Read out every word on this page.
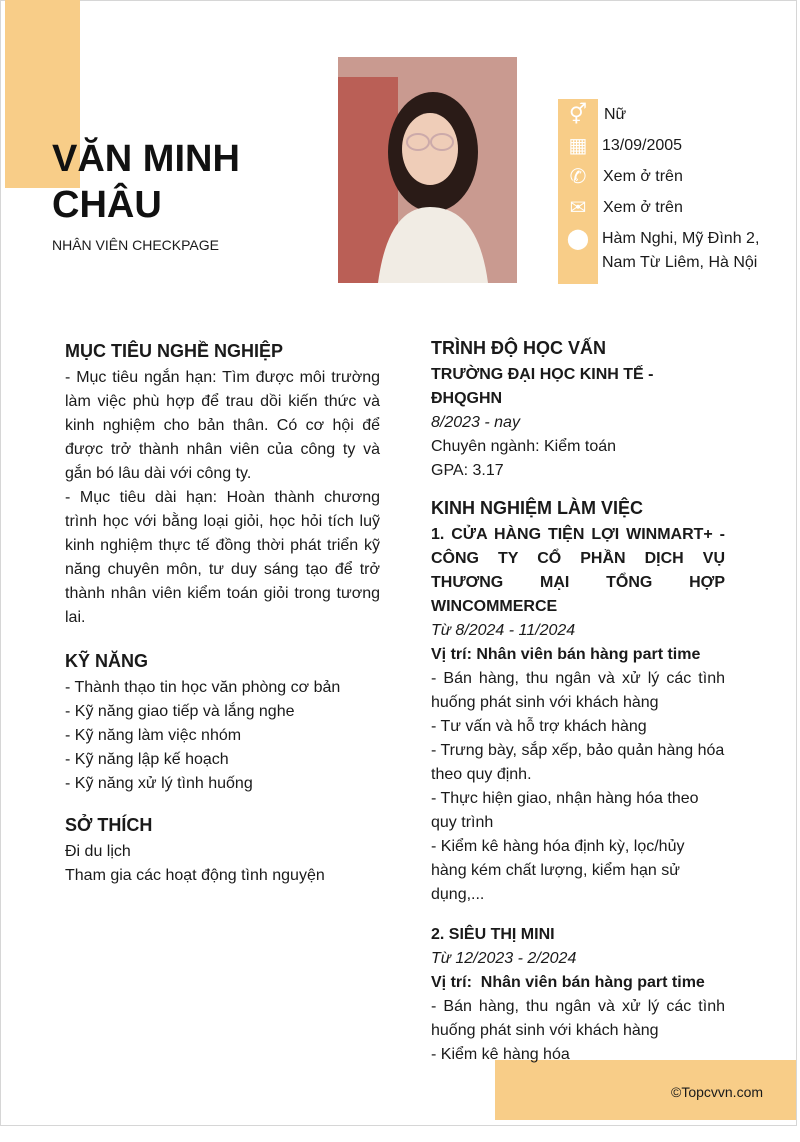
VĂN MINH
CHÂU
NHÂN VIÊN CHECKPAGE
⚥ Nữ
▦ 13/09/2005
✆ Xem ở trên
✉ Xem ở trên
⬤ Hàm Nghi, Mỹ Đình 2,
Nam Từ Liêm, Hà Nội
MỤC TIÊU NGHỀ NGHIỆP
- Mục tiêu ngắn hạn: Tìm được môi trường làm việc phù hợp để trau dồi kiến thức và kinh nghiệm cho bản thân. Có cơ hội để được trở thành nhân viên của công ty và gắn bó lâu dài với công ty.
- Mục tiêu dài hạn: Hoàn thành chương trình học với bằng loại giỏi, học hỏi tích luỹ kinh nghiệm thực tế đồng thời phát triển kỹ năng chuyên môn, tư duy sáng tạo để trở thành nhân viên kiểm toán giỏi trong tương lai.
KỸ NĂNG
- Thành thạo tin học văn phòng cơ bản
- Kỹ năng giao tiếp và lắng nghe
- Kỹ năng làm việc nhóm
- Kỹ năng lập kế hoạch
- Kỹ năng xử lý tình huống
SỞ THÍCH
Đi du lịch
Tham gia các hoạt động tình nguyện
TRÌNH ĐỘ HỌC VẤN
TRƯỜNG ĐẠI HỌC KINH TẾ - ĐHQGHN
8/2023 - nay
Chuyên ngành: Kiểm toán
GPA: 3.17
KINH NGHIỆM LÀM VIỆC
1. CỬA HÀNG TIỆN LỢI WINMART+ - CÔNG TY CỔ PHẦN DỊCH VỤ THƯƠNG MẠI TỔNG HỢP WINCOMMERCE
Từ 8/2024 - 11/2024
Vị trí: Nhân viên bán hàng part time
- Bán hàng, thu ngân và xử lý các tình huống phát sinh với khách hàng
- Tư vấn và hỗ trợ khách hàng
- Trưng bày, sắp xếp, bảo quản hàng hóa theo quy định.
- Thực hiện giao, nhận hàng hóa theo quy trình
- Kiểm kê hàng hóa định kỳ, lọc/hủy hàng kém chất lượng, kiểm hạn sử dụng,...
2. SIÊU THỊ MINI
Từ 12/2023 - 2/2024
Vị trí:  Nhân viên bán hàng part time
- Bán hàng, thu ngân và xử lý các tình huống phát sinh với khách hàng
- Kiểm kê hàng hóa
©Topcvvn.com
